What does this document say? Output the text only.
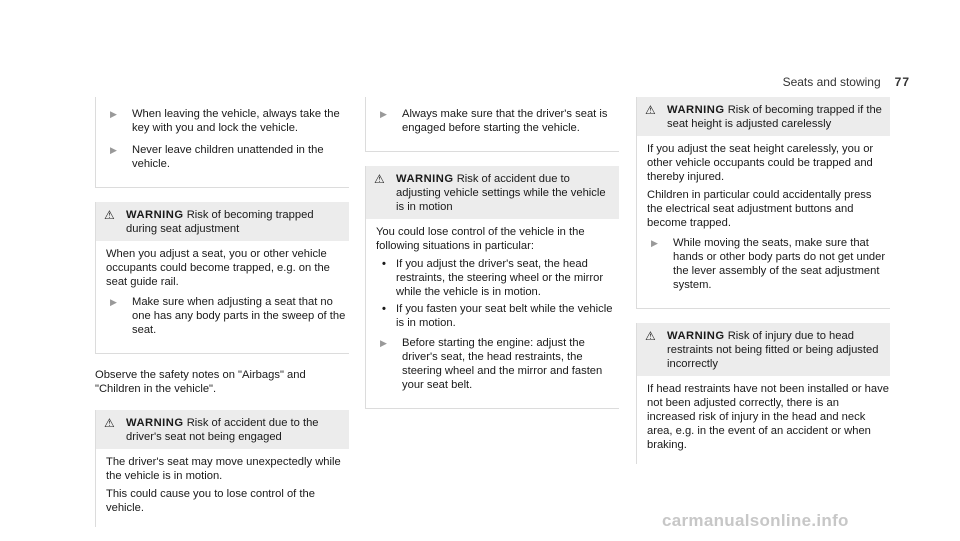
Seats and stowing 77
▶	When leaving the vehicle, always take the key with you and lock the vehicle.
▶	Never leave children unattended in the vehicle.
⚠	WARNING Risk of becoming trapped during seat adjustment

When you adjust a seat, you or other vehicle occupants could become trapped, e.g. on the seat guide rail.

▶	Make sure when adjusting a seat that no one has any body parts in the sweep of the seat.
Observe the safety notes on "Airbags" and "Children in the vehicle".
⚠	WARNING Risk of accident due to the driver's seat not being engaged

The driver's seat may move unexpectedly while the vehicle is in motion.

This could cause you to lose control of the vehicle.

▶	Always make sure that the driver's seat is engaged before starting the vehicle.
⚠	WARNING Risk of accident due to adjusting vehicle settings while the vehicle is in motion

You could lose control of the vehicle in the following situations in particular:

• If you adjust the driver's seat, the head restraints, the steering wheel or the mirror while the vehicle is in motion.
• If you fasten your seat belt while the vehicle is in motion.
▶	Before starting the engine: adjust the driver's seat, the head restraints, the steering wheel and the mirror and fasten your seat belt.
⚠	WARNING Risk of becoming trapped if the seat height is adjusted carelessly

If you adjust the seat height carelessly, you or other vehicle occupants could be trapped and thereby injured.

Children in particular could accidentally press the electrical seat adjustment buttons and become trapped.

▶	While moving the seats, make sure that hands or other body parts do not get under the lever assembly of the seat adjustment system.
⚠	WARNING Risk of injury due to head restraints not being fitted or being adjusted incorrectly

If head restraints have not been installed or have not been adjusted correctly, there is an increased risk of injury in the head and neck area, e.g. in the event of an accident or when braking.

carmanualsonline.info
